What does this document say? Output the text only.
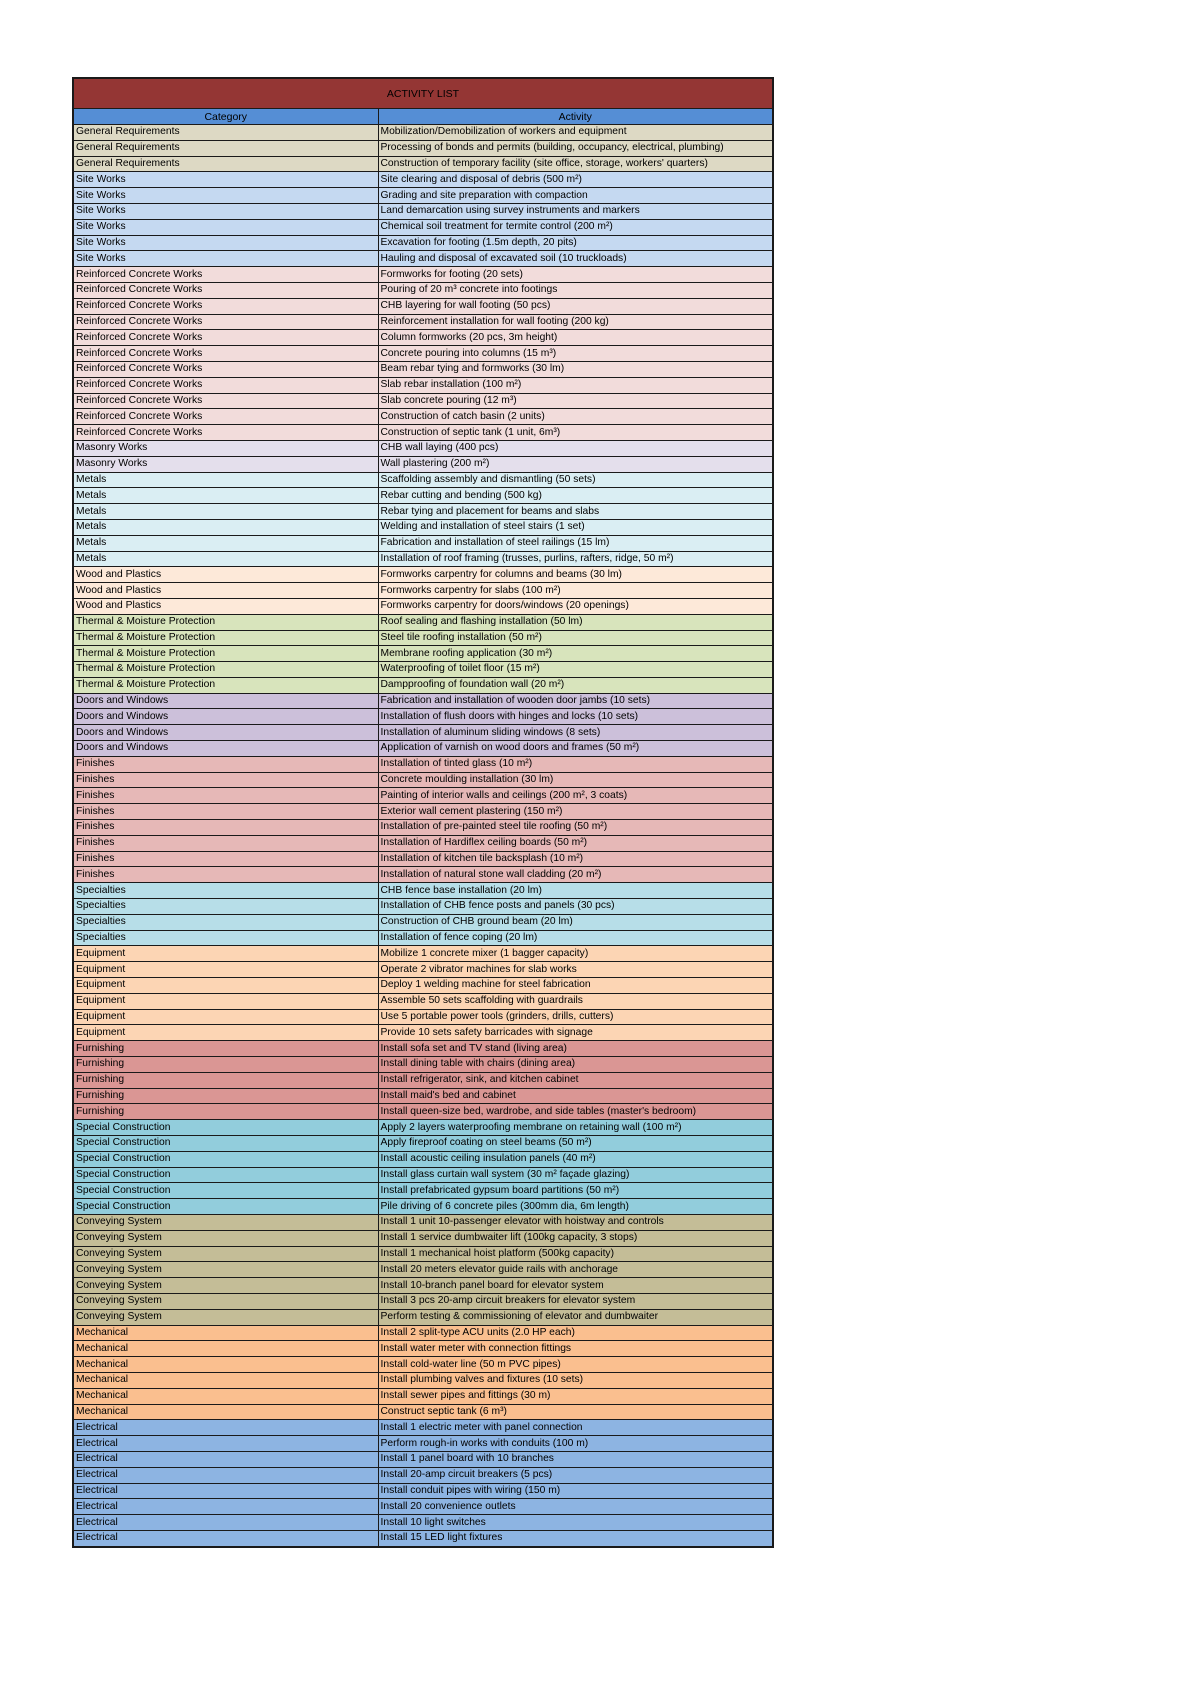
ACTIVITY LIST
Category	Activity
General Requirements	Mobilization/Demobilization of workers and equipment
General Requirements	Processing of bonds and permits (building, occupancy, electrical, plumbing)
General Requirements	Construction of temporary facility (site office, storage, workers' quarters)
Site Works	Site clearing and disposal of debris (500 m²)
Site Works	Grading and site preparation with compaction
Site Works	Land demarcation using survey instruments and markers
Site Works	Chemical soil treatment for termite control (200 m²)
Site Works	Excavation for footing (1.5m depth, 20 pits)
Site Works	Hauling and disposal of excavated soil (10 truckloads)
Reinforced Concrete Works	Formworks for footing (20 sets)
Reinforced Concrete Works	Pouring of 20 m³ concrete into footings
Reinforced Concrete Works	CHB layering for wall footing (50 pcs)
Reinforced Concrete Works	Reinforcement installation for wall footing (200 kg)
Reinforced Concrete Works	Column formworks (20 pcs, 3m height)
Reinforced Concrete Works	Concrete pouring into columns (15 m³)
Reinforced Concrete Works	Beam rebar tying and formworks (30 lm)
Reinforced Concrete Works	Slab rebar installation (100 m²)
Reinforced Concrete Works	Slab concrete pouring (12 m³)
Reinforced Concrete Works	Construction of catch basin (2 units)
Reinforced Concrete Works	Construction of septic tank (1 unit, 6m³)
Masonry Works	CHB wall laying (400 pcs)
Masonry Works	Wall plastering (200 m²)
Metals	Scaffolding assembly and dismantling (50 sets)
Metals	Rebar cutting and bending (500 kg)
Metals	Rebar tying and placement for beams and slabs
Metals	Welding and installation of steel stairs (1 set)
Metals	Fabrication and installation of steel railings (15 lm)
Metals	Installation of roof framing (trusses, purlins, rafters, ridge, 50 m²)
Wood and Plastics	Formworks carpentry for columns and beams (30 lm)
Wood and Plastics	Formworks carpentry for slabs (100 m²)
Wood and Plastics	Formworks carpentry for doors/windows (20 openings)
Thermal & Moisture Protection	Roof sealing and flashing installation (50 lm)
Thermal & Moisture Protection	Steel tile roofing installation (50 m²)
Thermal & Moisture Protection	Membrane roofing application (30 m²)
Thermal & Moisture Protection	Waterproofing of toilet floor (15 m²)
Thermal & Moisture Protection	Dampproofing of foundation wall (20 m²)
Doors and Windows	Fabrication and installation of wooden door jambs (10 sets)
Doors and Windows	Installation of flush doors with hinges and locks (10 sets)
Doors and Windows	Installation of aluminum sliding windows (8 sets)
Doors and Windows	Application of varnish on wood doors and frames (50 m²)
Finishes	Installation of tinted glass (10 m²)
Finishes	Concrete moulding installation (30 lm)
Finishes	Painting of interior walls and ceilings (200 m², 3 coats)
Finishes	Exterior wall cement plastering (150 m²)
Finishes	Installation of pre-painted steel tile roofing (50 m²)
Finishes	Installation of Hardiflex ceiling boards (50 m²)
Finishes	Installation of kitchen tile backsplash (10 m²)
Finishes	Installation of natural stone wall cladding (20 m²)
Specialties	CHB fence base installation (20 lm)
Specialties	Installation of CHB fence posts and panels (30 pcs)
Specialties	Construction of CHB ground beam (20 lm)
Specialties	Installation of fence coping (20 lm)
Equipment	Mobilize 1 concrete mixer (1 bagger capacity)
Equipment	Operate 2 vibrator machines for slab works
Equipment	Deploy 1 welding machine for steel fabrication
Equipment	Assemble 50 sets scaffolding with guardrails
Equipment	Use 5 portable power tools (grinders, drills, cutters)
Equipment	Provide 10 sets safety barricades with signage
Furnishing	Install sofa set and TV stand (living area)
Furnishing	Install dining table with chairs (dining area)
Furnishing	Install refrigerator, sink, and kitchen cabinet
Furnishing	Install maid's bed and cabinet
Furnishing	Install queen-size bed, wardrobe, and side tables (master's bedroom)
Special Construction	Apply 2 layers waterproofing membrane on retaining wall (100 m²)
Special Construction	Apply fireproof coating on steel beams (50 m²)
Special Construction	Install acoustic ceiling insulation panels (40 m²)
Special Construction	Install glass curtain wall system (30 m² façade glazing)
Special Construction	Install prefabricated gypsum board partitions (50 m²)
Special Construction	Pile driving of 6 concrete piles (300mm dia, 6m length)
Conveying System	Install 1 unit 10-passenger elevator with hoistway and controls
Conveying System	Install 1 service dumbwaiter lift (100kg capacity, 3 stops)
Conveying System	Install 1 mechanical hoist platform (500kg capacity)
Conveying System	Install 20 meters elevator guide rails with anchorage
Conveying System	Install 10-branch panel board for elevator system
Conveying System	Install 3 pcs 20-amp circuit breakers for elevator system
Conveying System	Perform testing & commissioning of elevator and dumbwaiter
Mechanical	Install 2 split-type ACU units (2.0 HP each)
Mechanical	Install water meter with connection fittings
Mechanical	Install cold-water line (50 m PVC pipes)
Mechanical	Install plumbing valves and fixtures (10 sets)
Mechanical	Install sewer pipes and fittings (30 m)
Mechanical	Construct septic tank (6 m³)
Electrical	Install 1 electric meter with panel connection
Electrical	Perform rough-in works with conduits (100 m)
Electrical	Install 1 panel board with 10 branches
Electrical	Install 20-amp circuit breakers (5 pcs)
Electrical	Install conduit pipes with wiring (150 m)
Electrical	Install 20 convenience outlets
Electrical	Install 10 light switches
Electrical	Install 15 LED light fixtures
